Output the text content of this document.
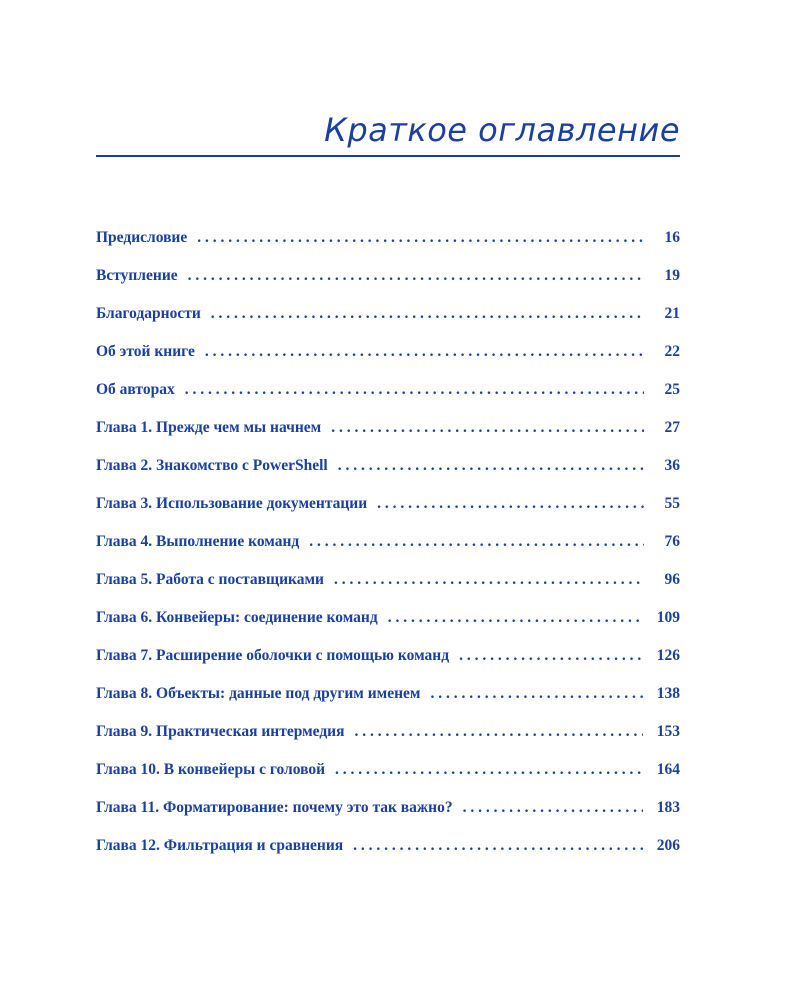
Краткое оглавление
Предисловие . . .	16
Вступление . . .	19
Благодарности . . .	21
Об этой книге . . .	22
Об авторах . . .	25
Глава 1. Прежде чем мы начнем . . .	27
Глава 2. Знакомство с PowerShell . . .	36
Глава 3. Использование документации . . .	55
Глава 4. Выполнение команд . . .	76
Глава 5. Работа с поставщиками . . .	96
Глава 6. Конвейеры: соединение команд . . .	109
Глава 7. Расширение оболочки с помощью команд . . .	126
Глава 8. Объекты: данные под другим именем . . .	138
Глава 9. Практическая интермедия . . .	153
Глава 10. В конвейеры с головой . . .	164
Глава 11. Форматирование: почему это так важно? . . .	183
Глава 12. Фильтрация и сравнения . . .	206
